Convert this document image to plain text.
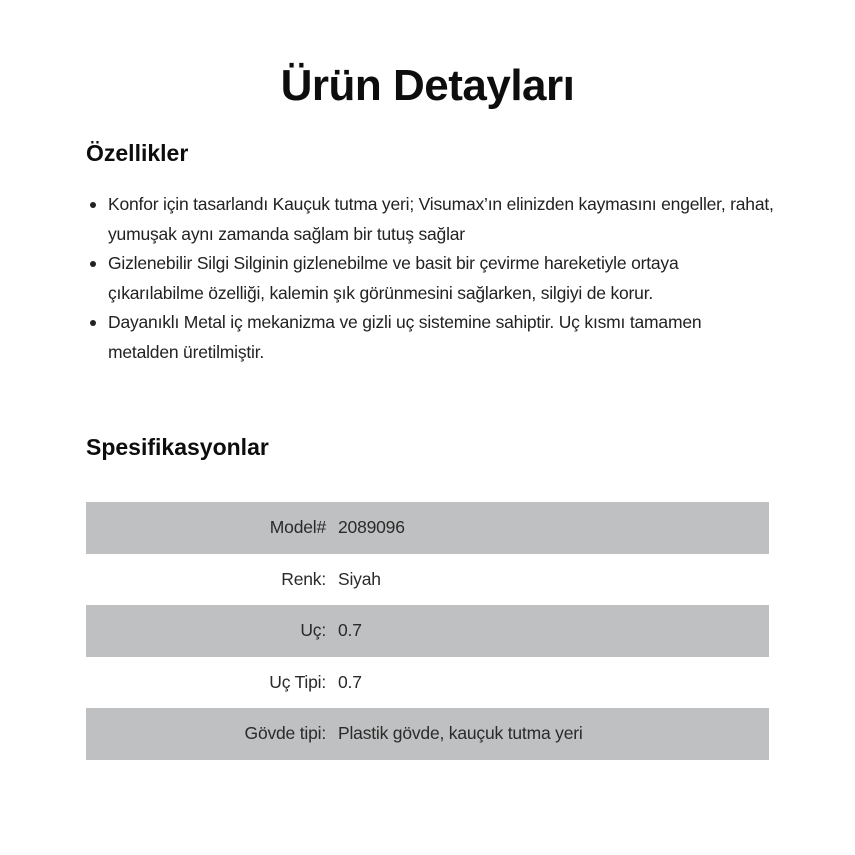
Ürün Detayları
Özellikler
Konfor için tasarlandı Kauçuk tutma yeri; Visumax’ın elinizden kaymasını engeller, rahat, yumuşak aynı zamanda sağlam bir tutuş sağlar
Gizlenebilir Silgi Silginin gizlenebilme ve basit bir çevirme hareketiyle ortaya çıkarılabilme özelliği, kalemin şık görünmesini sağlarken, silgiyi de korur.
Dayanıklı Metal iç mekanizma ve gizli uç sistemine sahiptir. Uç kısmı tamamen metalden üretilmiştir.
Spesifikasyonlar
Model#	2089096
Renk:	Siyah
Uç:	0.7
Uç Tipi:	0.7
Gövde tipi:	Plastik gövde, kauçuk tutma yeri
